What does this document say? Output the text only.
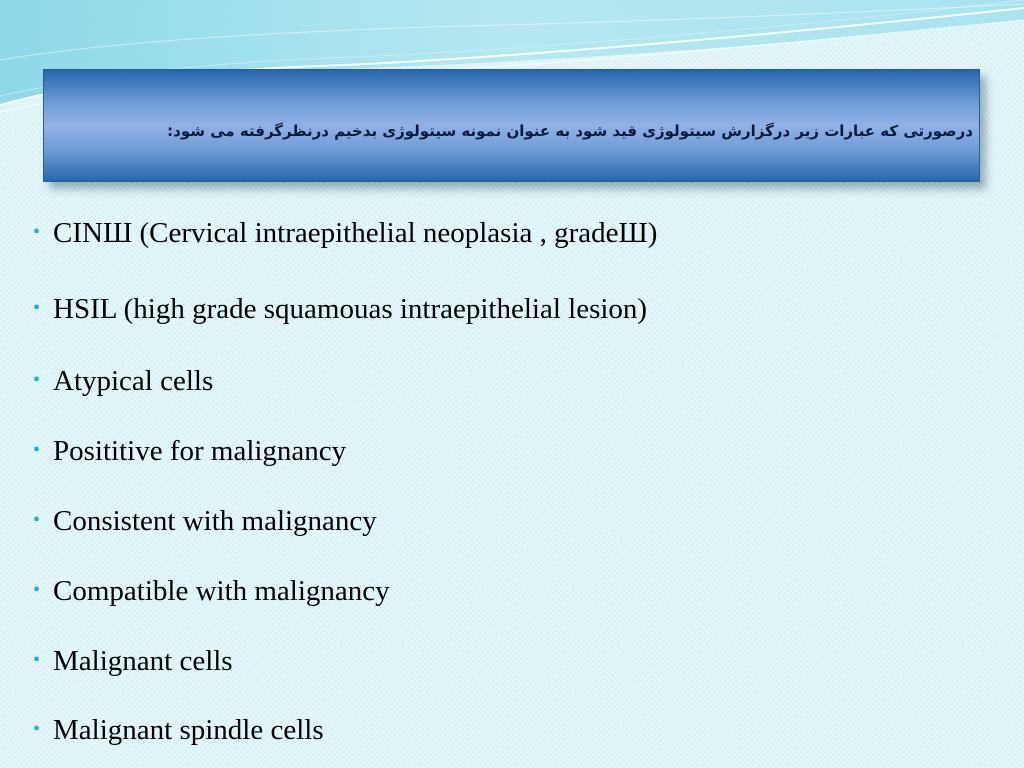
درصورتی که عبارات زیر درگزارش سیتولوژی قید شود به عنوان نمونه سیتولوژی بدخیم درنظرگرفته می شود:
• CINШ (Cervical intraepithelial neoplasia , gradeШ)
• HSIL (high grade squamouas intraepithelial lesion)
• Atypical cells
• Posititive for malignancy
• Consistent with malignancy
• Compatible with malignancy
• Malignant cells
• Malignant spindle cells
